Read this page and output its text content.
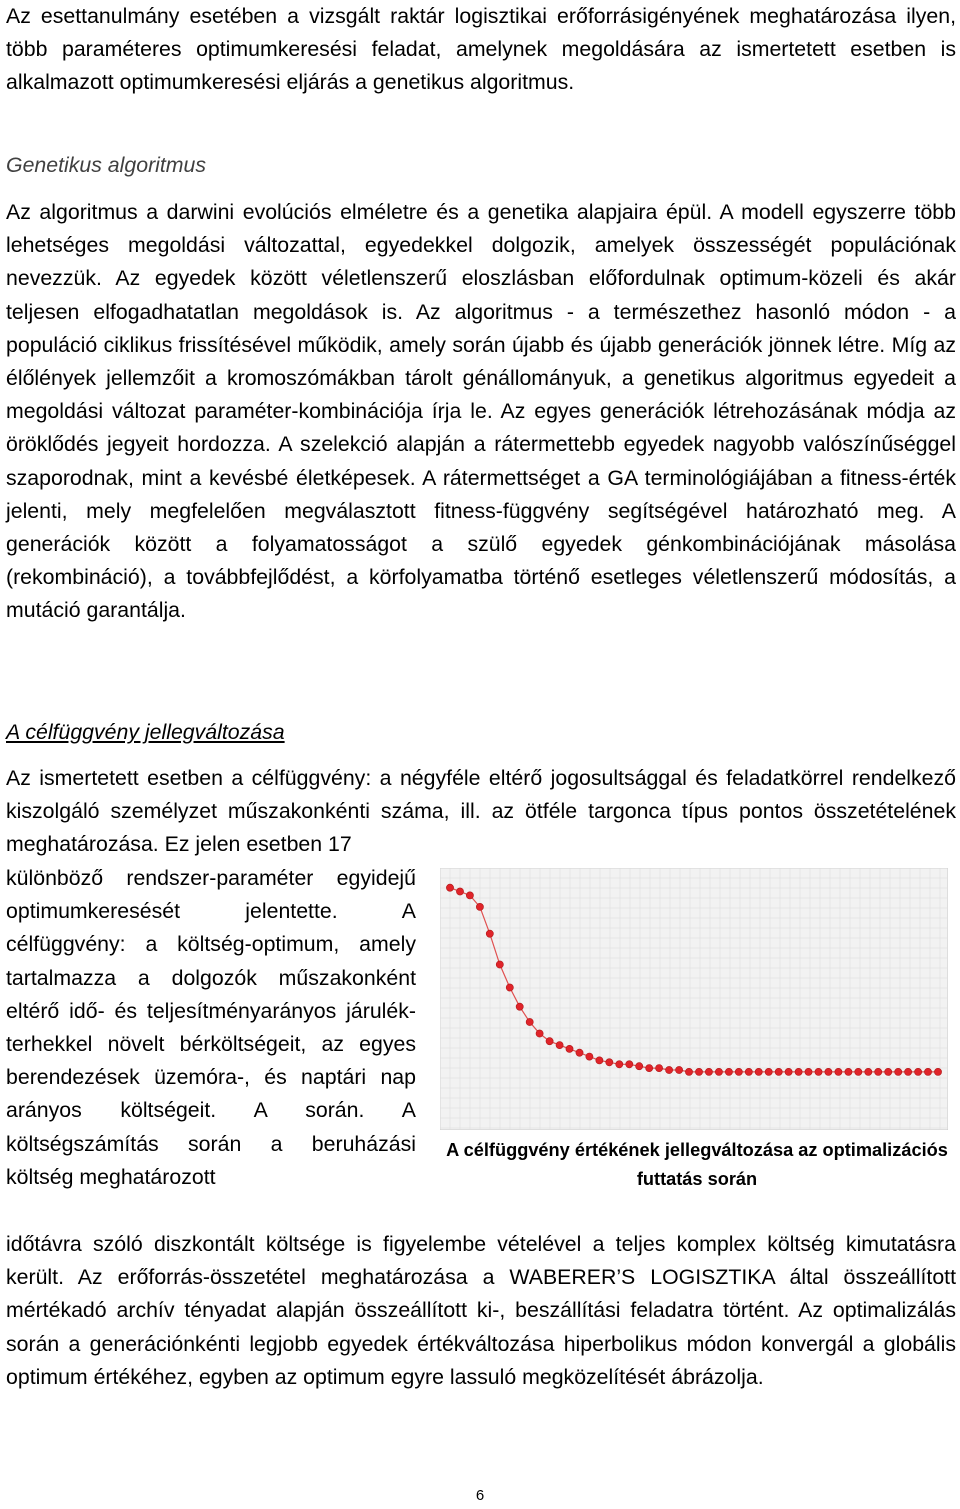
Az esettanulmány esetében a vizsgált raktár logisztikai erőforrásigényének meghatározása ilyen, több paraméteres optimumkeresési feladat, amelynek megoldására az ismertetett esetben is alkalmazott optimumkeresési eljárás a genetikus algoritmus.

Genetikus algoritmus

Az algoritmus a darwini evolúciós elméletre és a genetika alapjaira épül. A modell egyszerre több lehetséges megoldási változattal, egyedekkel dolgozik, amelyek összességét populációnak nevezzük. Az egyedek között véletlenszerű eloszlásban előfordulnak optimum-közeli és akár teljesen elfogadhatatlan megoldások is. Az algoritmus - a természethez hasonló módon - a populáció ciklikus frissítésével működik, amely során újabb és újabb generációk jönnek létre. Míg az élőlények jellemzőit a kromoszómákban tárolt génállományuk, a genetikus algoritmus egyedeit a megoldási változat paraméter-kombinációja írja le. Az egyes generációk létrehozásának módja az öröklődés jegyeit hordozza. A szelekció alapján a rátermettebb egyedek nagyobb valószínűséggel szaporodnak, mint a kevésbé életképesek. A rátermettséget a GA terminológiájában a fitness-érték jelenti, mely megfelelően megválasztott fitness-függvény segítségével határozható meg. A generációk között a folyamatosságot a szülő egyedek génkombinációjának másolása (rekombináció), a továbbfejlődést, a körfolyamatba történő esetleges véletlenszerű módosítás, a mutáció garantálja.

A célfüggvény jellegváltozása

Az ismertetett esetben a célfüggvény: a négyféle eltérő jogosultsággal és feladatkörrel rendelkező kiszolgáló személyzet műszakonkénti száma, ill. az ötféle targonca típus pontos összetételének meghatározása. Ez jelen esetben 17

különböző rendszer-paraméter egyidejű optimumkeresését jelentette. A célfüggvény: a költség-optimum, amely tartalmazza a dolgozók műszakonként eltérő idő- és teljesítményarányos járulék-terhekkel növelt bérköltségeit, az egyes berendezések üzemóra-, és naptári nap arányos költségeit. A során. A költségszámítás során a beruházási költség meghatározott

A célfüggvény értékének jellegváltozása az optimalizációs futtatás során

időtávra szóló diszkontált költsége is figyelembe vételével a teljes komplex költség kimutatásra került. Az erőforrás-összetétel meghatározása a WABERER’S LOGISZTIKA által összeállított mértékadó archív tényadat alapján összeállított ki-, beszállítási feladatra történt. Az optimalizálás során a generációnkénti legjobb egyedek értékváltozása hiperbolikus módon konvergál a globális optimum értékéhez, egyben az optimum egyre lassuló megközelítését ábrázolja.

6
